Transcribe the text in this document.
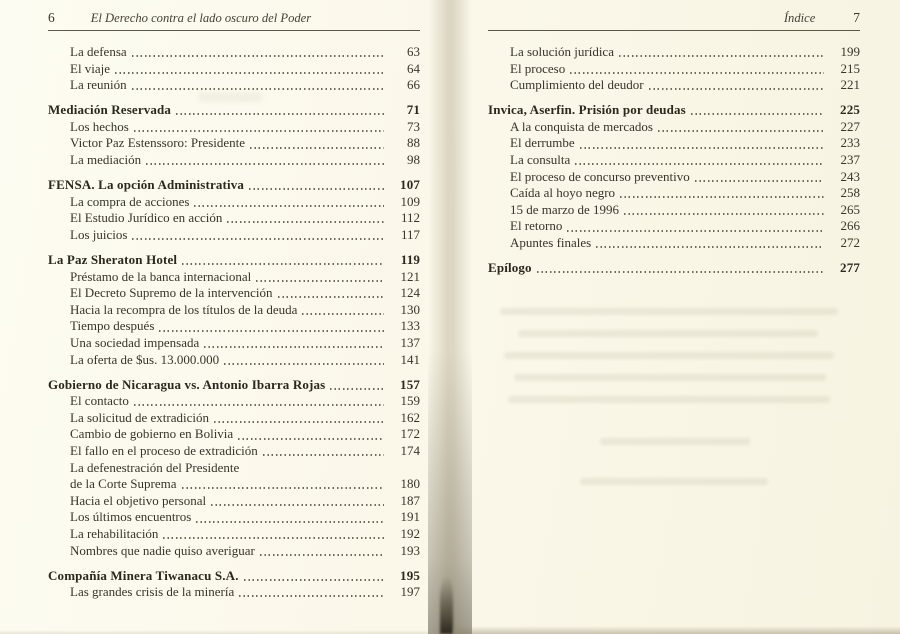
6	El Derecho contra el lado oscuro del Poder
La defensa	63
El viaje	64
La reunión	66
Mediación Reservada	71
Los hechos	73
Victor Paz Estenssoro: Presidente	88
La mediación	98
FENSA. La opción Administrativa	107
La compra de acciones	109
El Estudio Jurídico en acción	112
Los juicios	117
La Paz Sheraton Hotel	119
Préstamo de la banca internacional	121
El Decreto Supremo de la intervención	124
Hacia la recompra de los títulos de la deuda	130
Tiempo después	133
Una sociedad impensada	137
La oferta de $us. 13.000.000	141
Gobierno de Nicaragua vs. Antonio Ibarra Rojas	157
El contacto	159
La solicitud de extradición	162
Cambio de gobierno en Bolivia	172
El fallo en el proceso de extradición	174
La defenestración del Presidente
de la Corte Suprema	180
Hacia el objetivo personal	187
Los últimos encuentros	191
La rehabilitación	192
Nombres que nadie quiso averiguar	193
Compañía Minera Tiwanacu S.A.	195
Las grandes crisis de la minería	197
Índice	7
La solución jurídica	199
El proceso	215
Cumplimiento del deudor	221
Invica, Aserfin. Prisión por deudas	225
A la conquista de mercados	227
El derrumbe	233
La consulta	237
El proceso de concurso preventivo	243
Caída al hoyo negro	258
15 de marzo de 1996	265
El retorno	266
Apuntes finales	272
Epílogo	277
